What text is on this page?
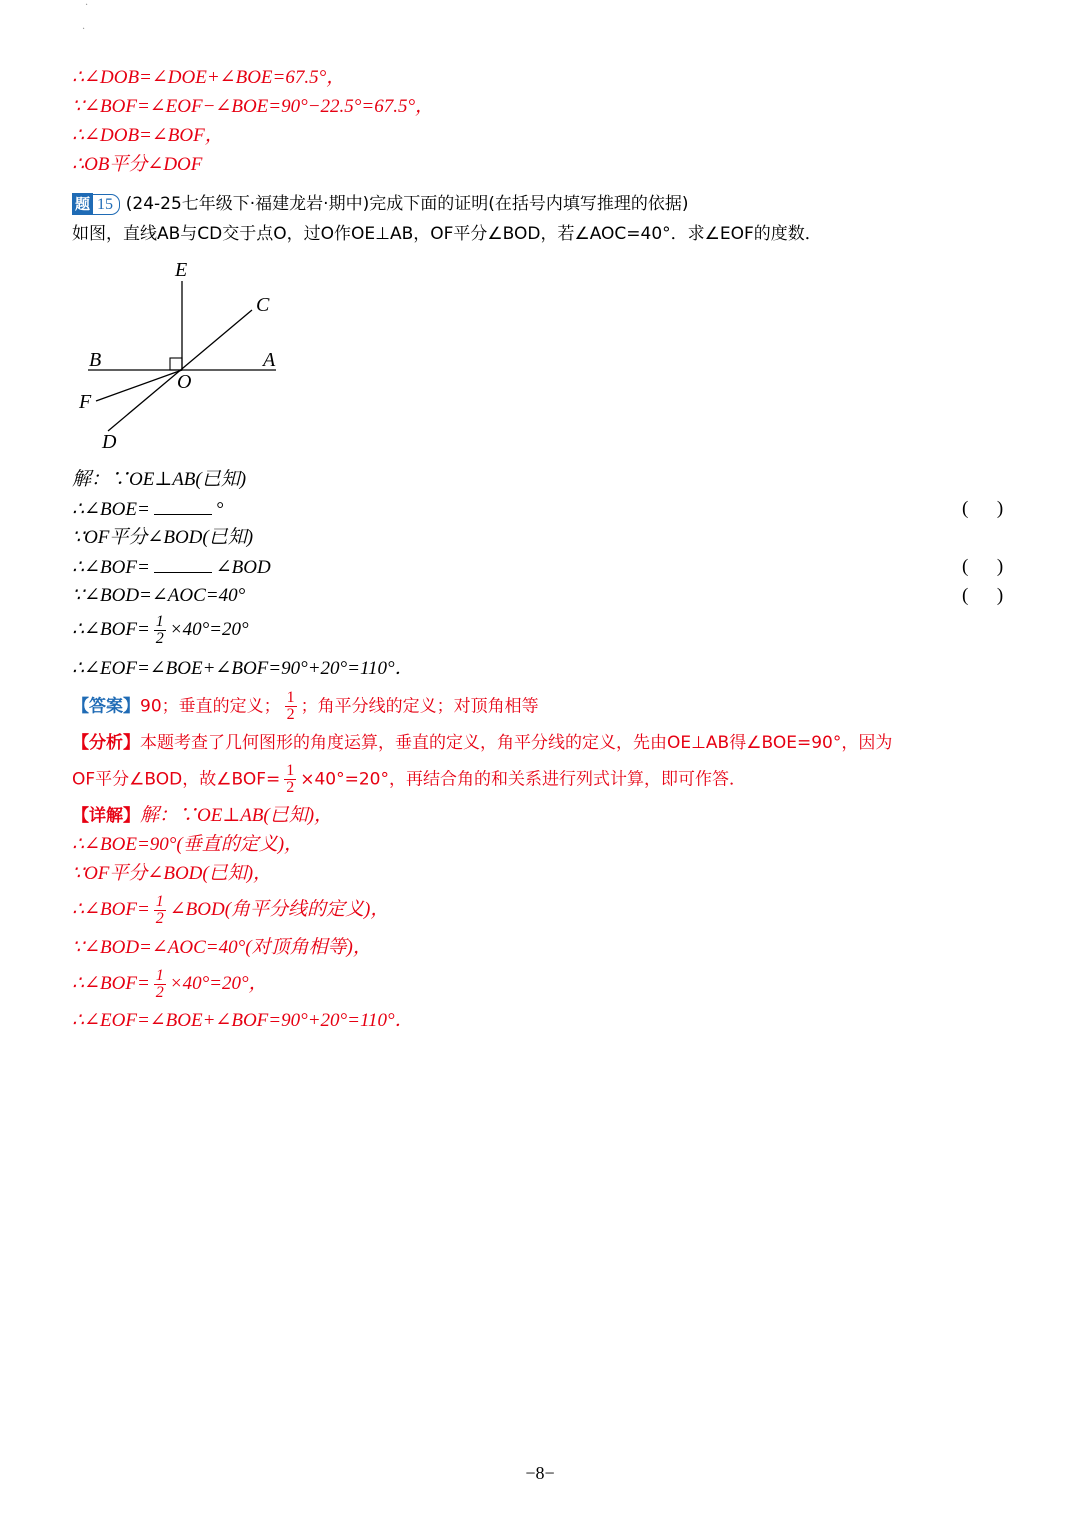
·
·
∴∠DOB=∠DOE+∠BOE=67.5°，
∵∠BOF=∠EOF−∠BOE=90°−22.5°=67.5°，
∴∠DOB=∠BOF，
∴OB平分∠DOF
题 15 (24-25七年级下·福建龙岩·期中)完成下面的证明(在括号内填写推理的依据)
如图，直线AB与CD交于点O，过O作OE⊥AB，OF平分∠BOD，若∠AOC=40°．求∠EOF的度数．
E
C
B	A
O
F
D
解：∵OE⊥AB(已知)
∴∠BOE=	°	(      )
∵OF平分∠BOD(已知)
∴∠BOF=	∠BOD	(      )
∵∠BOD=∠AOC=40°	(      )
∴∠BOF= $\frac{1}{2} \times 40^\circ=20^\circ$
∴∠EOF=∠BOE+∠BOF=90°+20°=110°．
【答案】90；垂直的定义； $\frac{1}{2}$ ；角平分线的定义；对顶角相等
【分析】本题考查了几何图形的角度运算，垂直的定义，角平分线的定义，先由OE⊥AB得∠BOE=90°，因为
OF平分∠BOD，故∠BOF= $\frac{1}{2} \times 40^\circ=20^\circ$，再结合角的和关系进行列式计算，即可作答．
【详解】解：∵OE⊥AB(已知)，
∴∠BOE=90°(垂直的定义)，
∵OF平分∠BOD(已知)，
∴∠BOF= $\frac{1}{2}$ ∠BOD(角平分线的定义)，
∵∠BOD=∠AOC=40°(对顶角相等)，
∴∠BOF= $\frac{1}{2} \times 40^\circ=20^\circ$，
∴∠EOF=∠BOE+∠BOF=90°+20°=110°．
−8−
